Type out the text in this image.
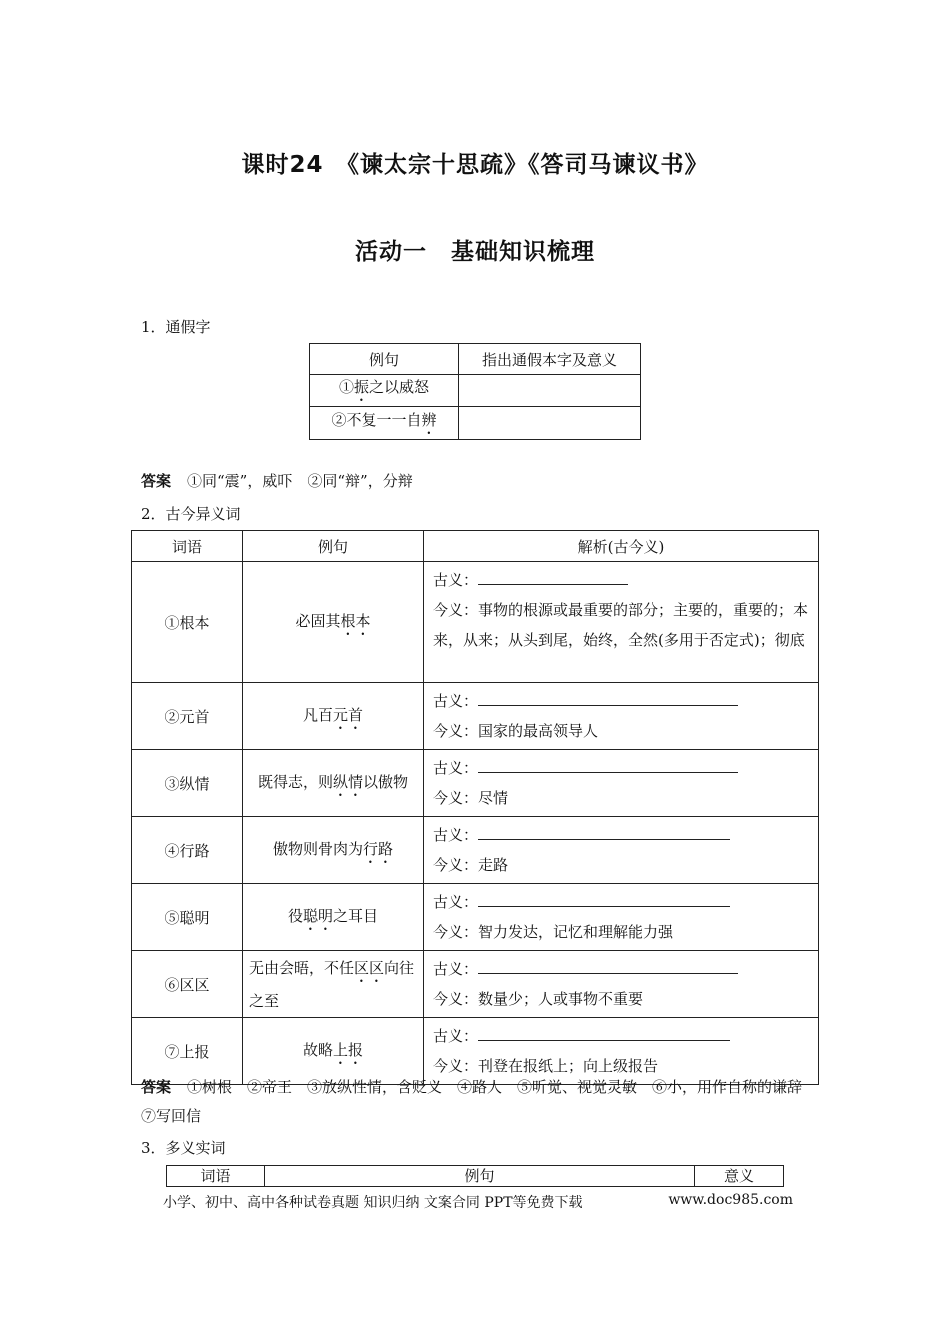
课时24　《谏太宗十思疏》《答司马谏议书》
活动一　基础知识梳理
1．通假字
例句	指出通假本字及意义
①振之以威怒	
②不复一一自辨	
答案 ①同“震”，威吓　②同“辩”，分辩
2．古今异义词
词语	例句	解析(古今义)
①根本	必固其根本	古义：
今义：事物的根源或最重要的部分；主要的，重要的；本来，从来；从头到尾，始终，全然(多用于否定式)；彻底
②元首	凡百元首	古义：
今义：国家的最高领导人
③纵情	既得志，则纵情以傲物	古义：
今义：尽情
④行路	傲物则骨肉为行路	古义：
今义：走路
⑤聪明	役聪明之耳目	古义：
今义：智力发达，记忆和理解能力强
⑥区区	无由会晤，不任区区向往之至	古义：
今义：数量少；人或事物不重要
⑦上报	故略上报	古义：
今义：刊登在报纸上；向上级报告
答案 ①树根　②帝王　③放纵性情，含贬义　④路人　⑤听觉、视觉灵敏　⑥小，用作自称的谦辞　⑦写回信
3．多义实词
词语	例句	意义
小学、初中、高中各种试卷真题 知识归纳 文案合同 PPT等免费下载	www.doc985.com
